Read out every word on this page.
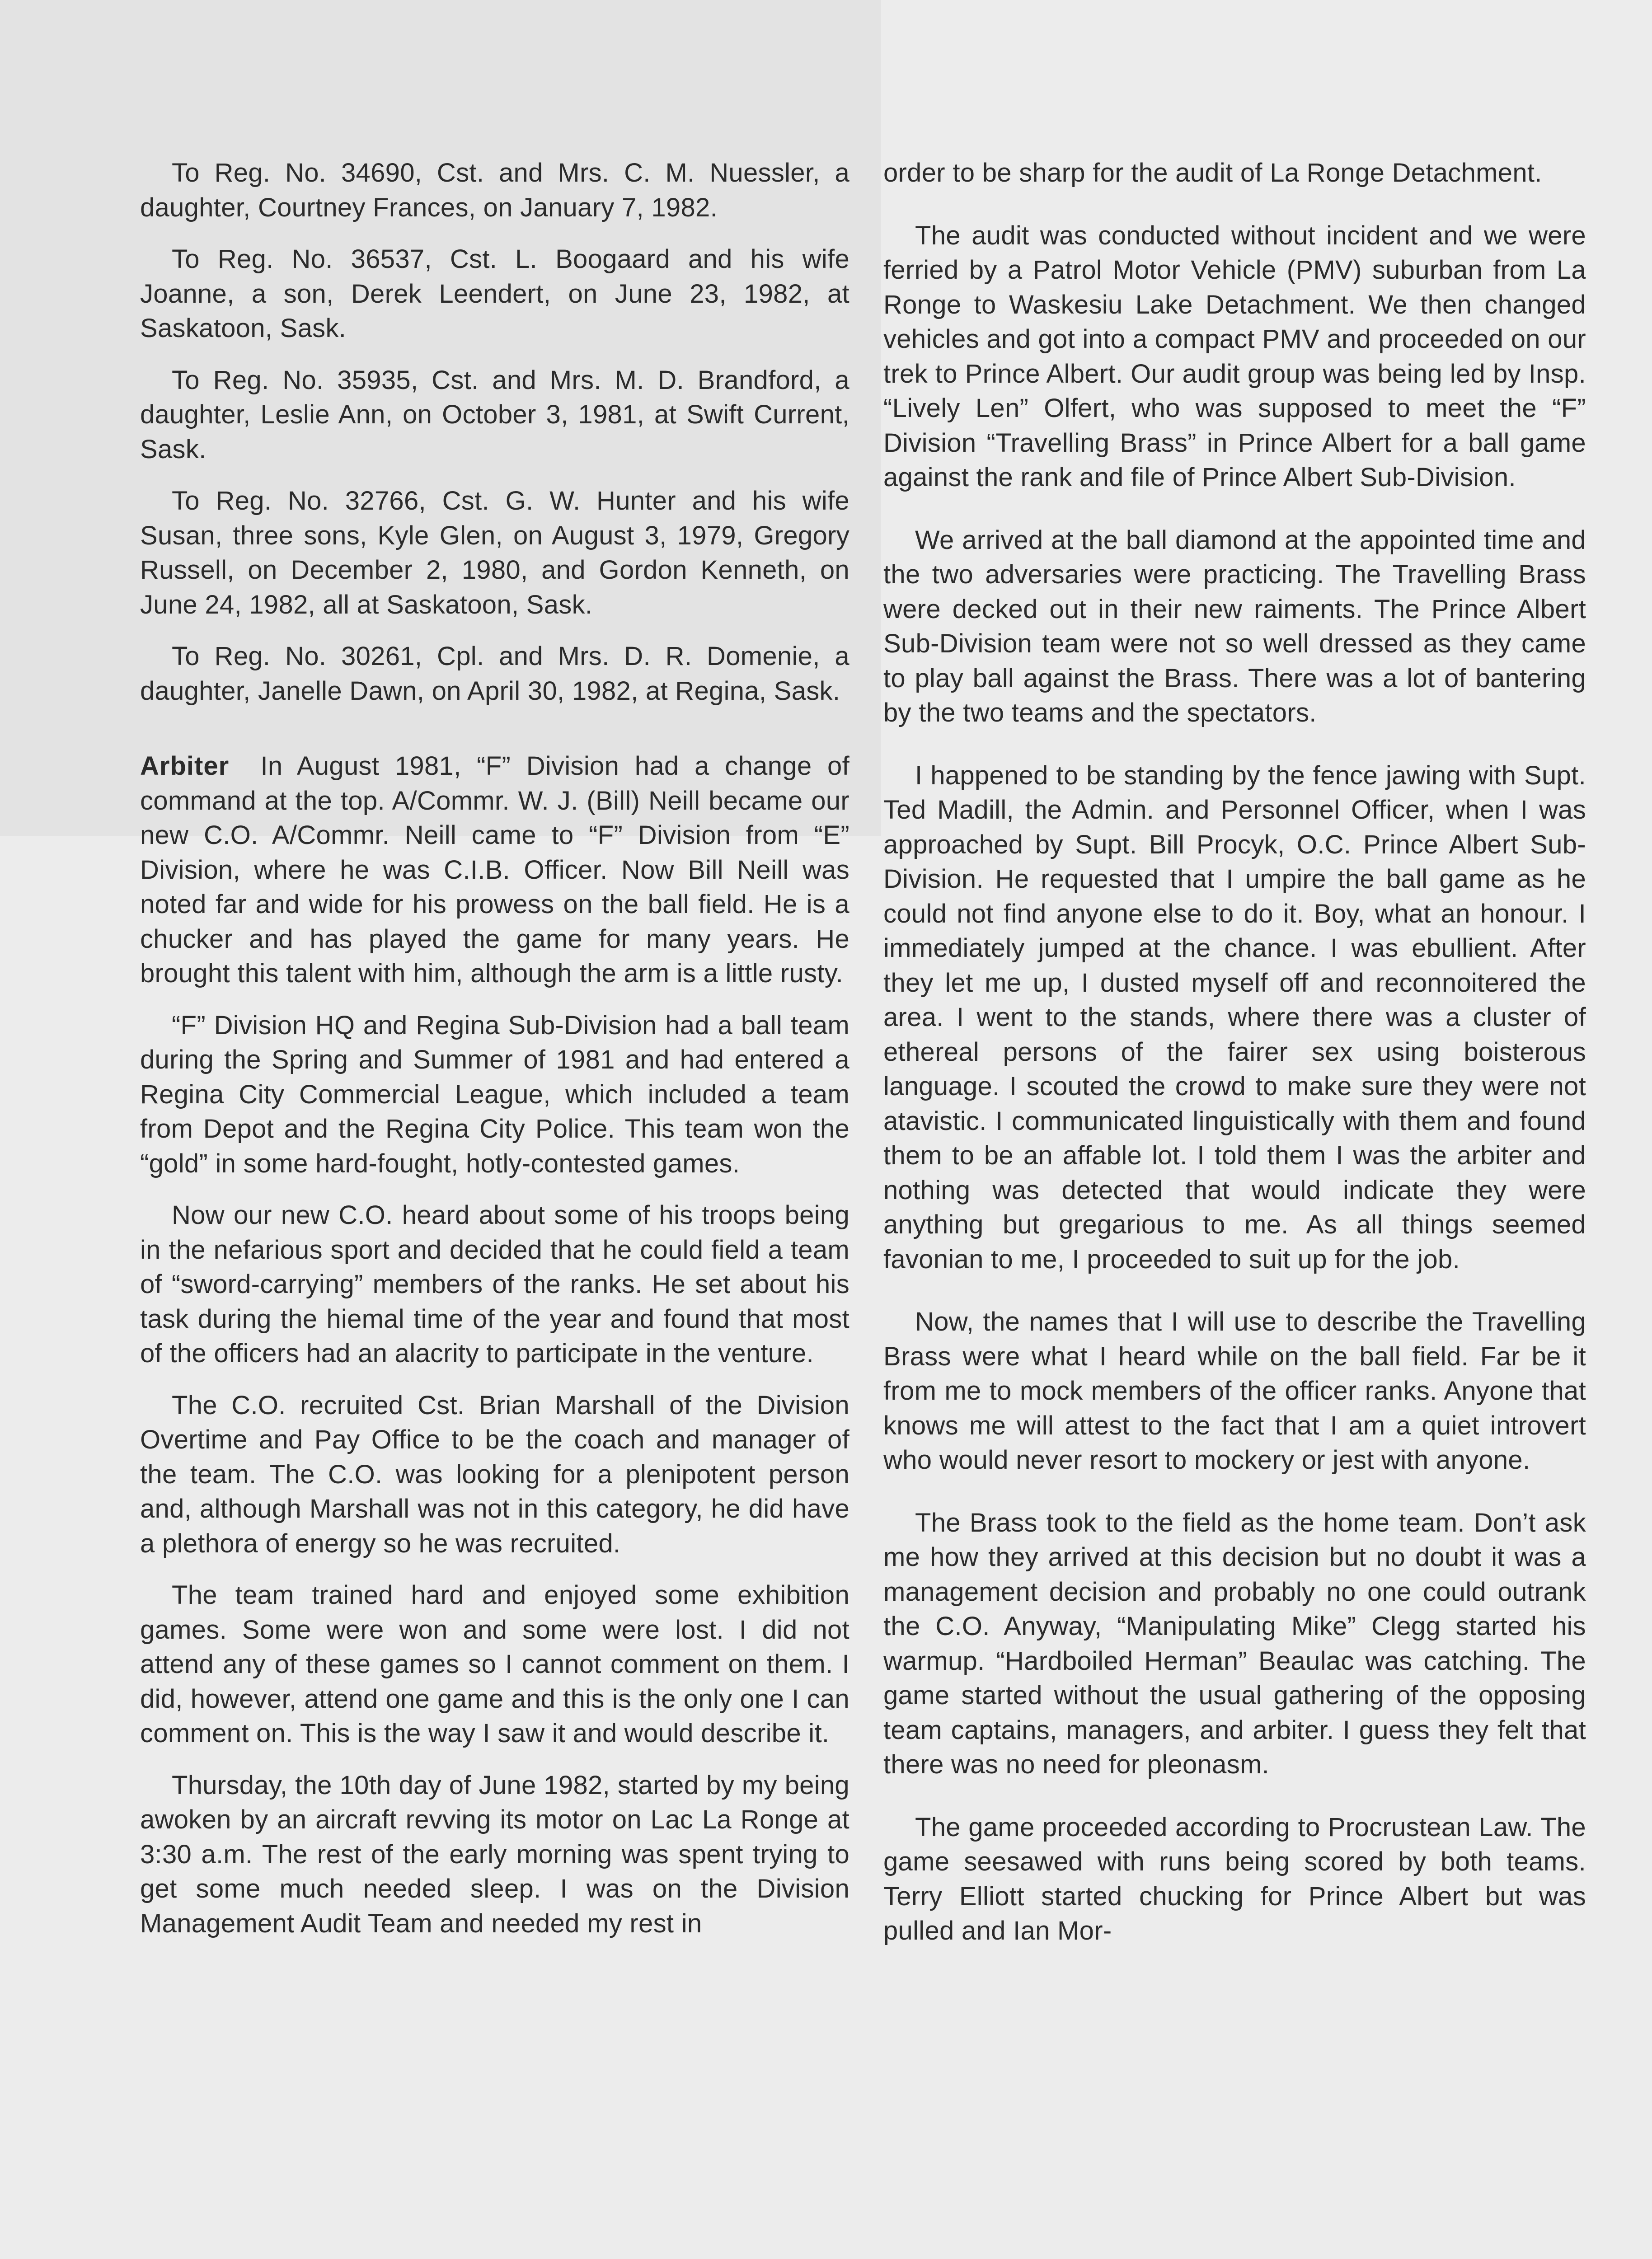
To Reg. No. 34690, Cst. and Mrs. C. M. Nuessler, a daughter, Courtney Frances, on January 7, 1982.

To Reg. No. 36537, Cst. L. Boogaard and his wife Joanne, a son, Derek Leendert, on June 23, 1982, at Saskatoon, Sask.

To Reg. No. 35935, Cst. and Mrs. M. D. Brandford, a daughter, Leslie Ann, on October 3, 1981, at Swift Current, Sask.

To Reg. No. 32766, Cst. G. W. Hunter and his wife Susan, three sons, Kyle Glen, on August 3, 1979, Gregory Russell, on December 2, 1980, and Gordon Kenneth, on June 24, 1982, all at Saskatoon, Sask.

To Reg. No. 30261, Cpl. and Mrs. D. R. Domenie, a daughter, Janelle Dawn, on April 30, 1982, at Regina, Sask.

Arbiter In August 1981, “F” Division had a change of command at the top. A/Commr. W. J. (Bill) Neill became our new C.O. A/Commr. Neill came to “F” Division from “E” Division, where he was C.I.B. Officer. Now Bill Neill was noted far and wide for his prowess on the ball field. He is a chucker and has played the game for many years. He brought this talent with him, although the arm is a little rusty.

“F” Division HQ and Regina Sub-Division had a ball team during the Spring and Summer of 1981 and had entered a Regina City Commercial League, which included a team from Depot and the Regina City Police. This team won the “gold” in some hard-fought, hotly-contested games.

Now our new C.O. heard about some of his troops being in the nefarious sport and decided that he could field a team of “sword-carrying” members of the ranks. He set about his task during the hiemal time of the year and found that most of the officers had an alacrity to participate in the venture.

The C.O. recruited Cst. Brian Marshall of the Division Overtime and Pay Office to be the coach and manager of the team. The C.O. was looking for a plenipotent person and, although Marshall was not in this category, he did have a plethora of energy so he was recruited.

The team trained hard and enjoyed some exhibition games. Some were won and some were lost. I did not attend any of these games so I cannot comment on them. I did, however, attend one game and this is the only one I can comment on. This is the way I saw it and would describe it.

Thursday, the 10th day of June 1982, started by my being awoken by an aircraft revving its motor on Lac La Ronge at 3:30 a.m. The rest of the early morning was spent trying to get some much needed sleep. I was on the Division Management Audit Team and needed my rest in

order to be sharp for the audit of La Ronge Detachment.

The audit was conducted without incident and we were ferried by a Patrol Motor Vehicle (PMV) suburban from La Ronge to Waskesiu Lake Detachment. We then changed vehicles and got into a compact PMV and proceeded on our trek to Prince Albert. Our audit group was being led by Insp. “Lively Len” Olfert, who was supposed to meet the “F” Division “Travelling Brass” in Prince Albert for a ball game against the rank and file of Prince Albert Sub-Division.

We arrived at the ball diamond at the appointed time and the two adversaries were practicing. The Travelling Brass were decked out in their new raiments. The Prince Albert Sub-Division team were not so well dressed as they came to play ball against the Brass. There was a lot of bantering by the two teams and the spectators.

I happened to be standing by the fence jawing with Supt. Ted Madill, the Admin. and Personnel Officer, when I was approached by Supt. Bill Procyk, O.C. Prince Albert Sub-Division. He requested that I umpire the ball game as he could not find anyone else to do it. Boy, what an honour. I immediately jumped at the chance. I was ebullient. After they let me up, I dusted myself off and reconnoitered the area. I went to the stands, where there was a cluster of ethereal persons of the fairer sex using boisterous language. I scouted the crowd to make sure they were not atavistic. I communicated linguistically with them and found them to be an affable lot. I told them I was the arbiter and nothing was detected that would indicate they were anything but gregarious to me. As all things seemed favonian to me, I proceeded to suit up for the job.

Now, the names that I will use to describe the Travelling Brass were what I heard while on the ball field. Far be it from me to mock members of the officer ranks. Anyone that knows me will attest to the fact that I am a quiet introvert who would never resort to mockery or jest with anyone.

The Brass took to the field as the home team. Don’t ask me how they arrived at this decision but no doubt it was a management decision and probably no one could outrank the C.O. Anyway, “Manipulating Mike” Clegg started his warmup. “Hardboiled Herman” Beaulac was catching. The game started without the usual gathering of the opposing team captains, managers, and arbiter. I guess they felt that there was no need for pleonasm.

The game proceeded according to Procrustean Law. The game seesawed with runs being scored by both teams. Terry Elliott started chucking for Prince Albert but was pulled and Ian Mor-
